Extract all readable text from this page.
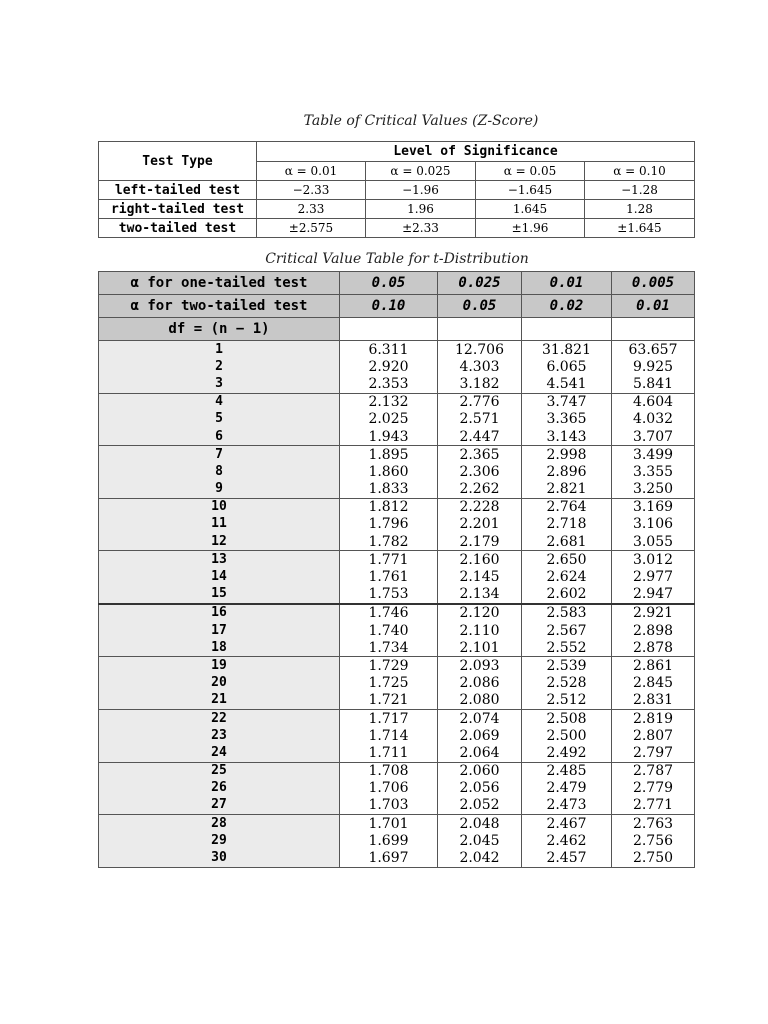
Table of Critical Values (Z-Score)
Test Type	Level of Significance			
	α = 0.01	α = 0.025	α = 0.05	α = 0.10
left-tailed test	−2.33	−1.96	−1.645	−1.28
right-tailed test	2.33	1.96	1.645	1.28
two-tailed test	±2.575	±2.33	±1.96	±1.645
Critical Value Table for t-Distribution
α for one-tailed test	0.05	0.025	0.01	0.005
α for two-tailed test	0.10	0.05	0.02	0.01
df = (n − 1)				
1	6.311	12.706	31.821	63.657
2	2.920	4.303	6.065	9.925
3	2.353	3.182	4.541	5.841
4	2.132	2.776	3.747	4.604
5	2.025	2.571	3.365	4.032
6	1.943	2.447	3.143	3.707
7	1.895	2.365	2.998	3.499
8	1.860	2.306	2.896	3.355
9	1.833	2.262	2.821	3.250
10	1.812	2.228	2.764	3.169
11	1.796	2.201	2.718	3.106
12	1.782	2.179	2.681	3.055
13	1.771	2.160	2.650	3.012
14	1.761	2.145	2.624	2.977
15	1.753	2.134	2.602	2.947
16	1.746	2.120	2.583	2.921
17	1.740	2.110	2.567	2.898
18	1.734	2.101	2.552	2.878
19	1.729	2.093	2.539	2.861
20	1.725	2.086	2.528	2.845
21	1.721	2.080	2.512	2.831
22	1.717	2.074	2.508	2.819
23	1.714	2.069	2.500	2.807
24	1.711	2.064	2.492	2.797
25	1.708	2.060	2.485	2.787
26	1.706	2.056	2.479	2.779
27	1.703	2.052	2.473	2.771
28	1.701	2.048	2.467	2.763
29	1.699	2.045	2.462	2.756
30	1.697	2.042	2.457	2.750
